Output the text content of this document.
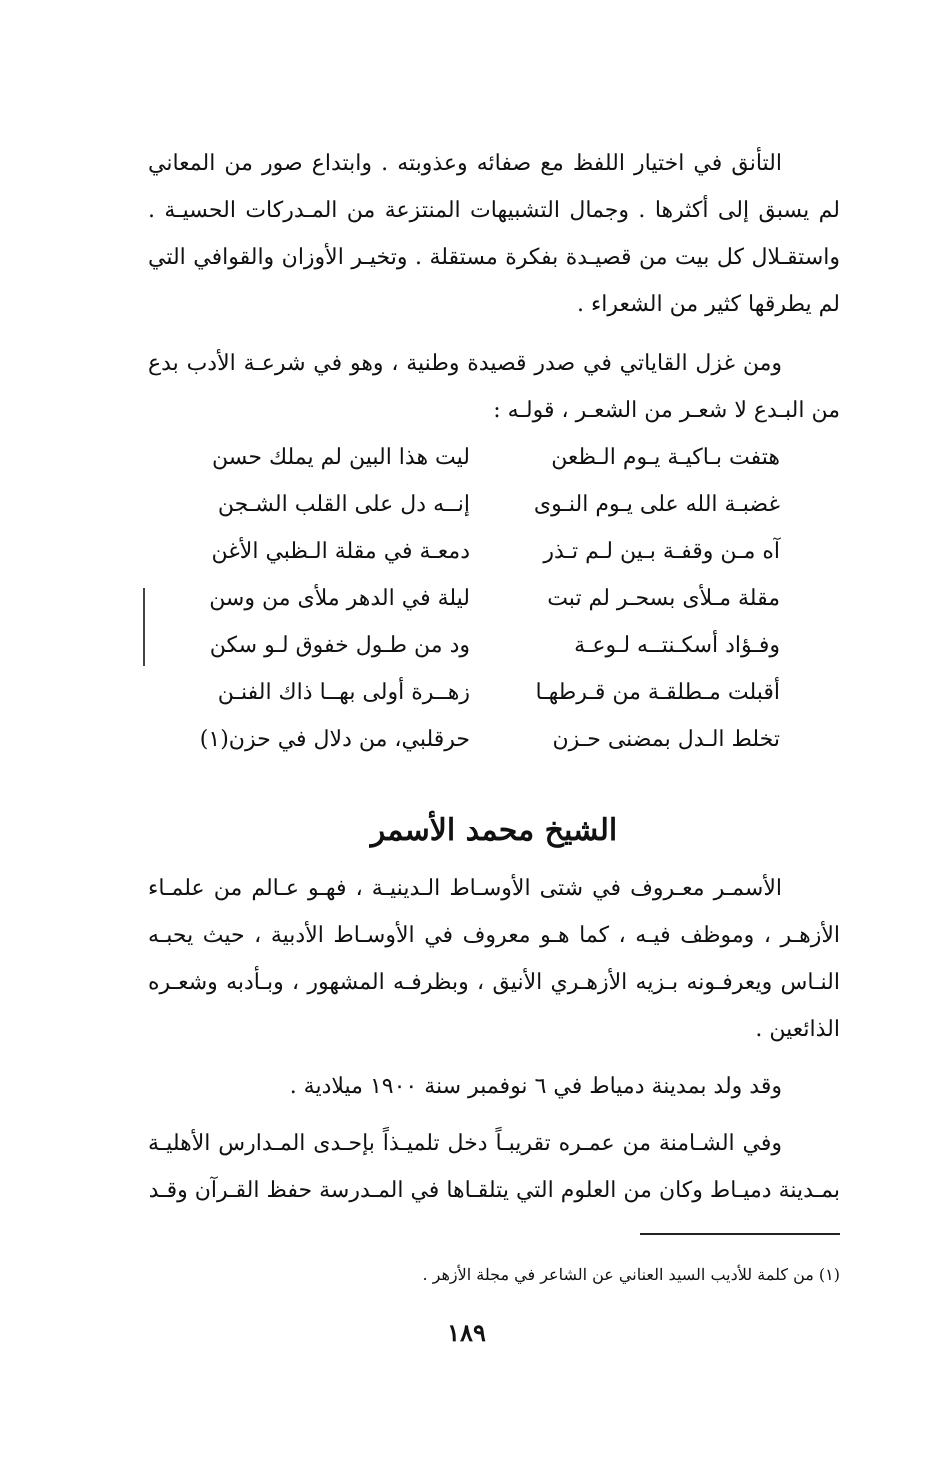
التأنق في اختيار اللفظ مع صفائه وعذوبته . وابتداع صور من المعاني لم يسبق إلى أكثرها . وجمال التشبيهات المنتزعة من المـدركات الحسيـة . واستقـلال كل بيت من قصيـدة بفكرة مستقلة . وتخيـر الأوزان والقوافي التي لم يطرقها كثير من الشعراء .

ومن غزل القاياتي في صدر قصيدة وطنية ، وهو في شرعـة الأدب بدع من البـدع لا شعـر من الشعـر ، قولـه :

هتفت بـاكيـة يـوم الـظعن
ليت هذا البين لم يملك حسن
غضبـة الله على يـوم النـوى
إنــه دل على القلب الشـجن
آه مـن وقفـة بـين لـم تـذر
دمعـة في مقلة الـظبي الأغن
مقلة مـلأى بسحـر لم تبت
ليلة في الدهر ملأى من وسن
وفـؤاد أسكـنتــه لـوعـة
ود من طـول خفوق لـو سكن
أقبلت مـطلقـة من قـرطهـا
زهــرة أولى بهــا ذاك الفنـن
تخلط الـدل بمضنى حـزن
حرقلبي، من دلال في حزن(١)
الشيخ محمد الأسمر

الأسمـر معـروف في شتى الأوسـاط الـدينيـة ، فهـو عـالم من علمـاء الأزهـر ، وموظف فيـه ، كما هـو معروف في الأوسـاط الأدبية ، حيث يحبـه النـاس ويعرفـونه بـزيه الأزهـري الأنيق ، وبظرفـه المشهور ، وبـأدبه وشعـره الذائعين .

وقد ولد بمدينة دمياط في ٦ نوفمبر سنة ١٩٠٠ ميلادية .

وفي الشـامنة من عمـره تقريبـاً دخل تلميـذاً بإحـدى المـدارس الأهليـة بمـدينة دميـاط وكان من العلوم التي يتلقـاها في المـدرسة حفظ القـرآن وقـد

(١) من كلمة للأديب السيد العناني عن الشاعر في مجلة الأزهر .
١٨٩
